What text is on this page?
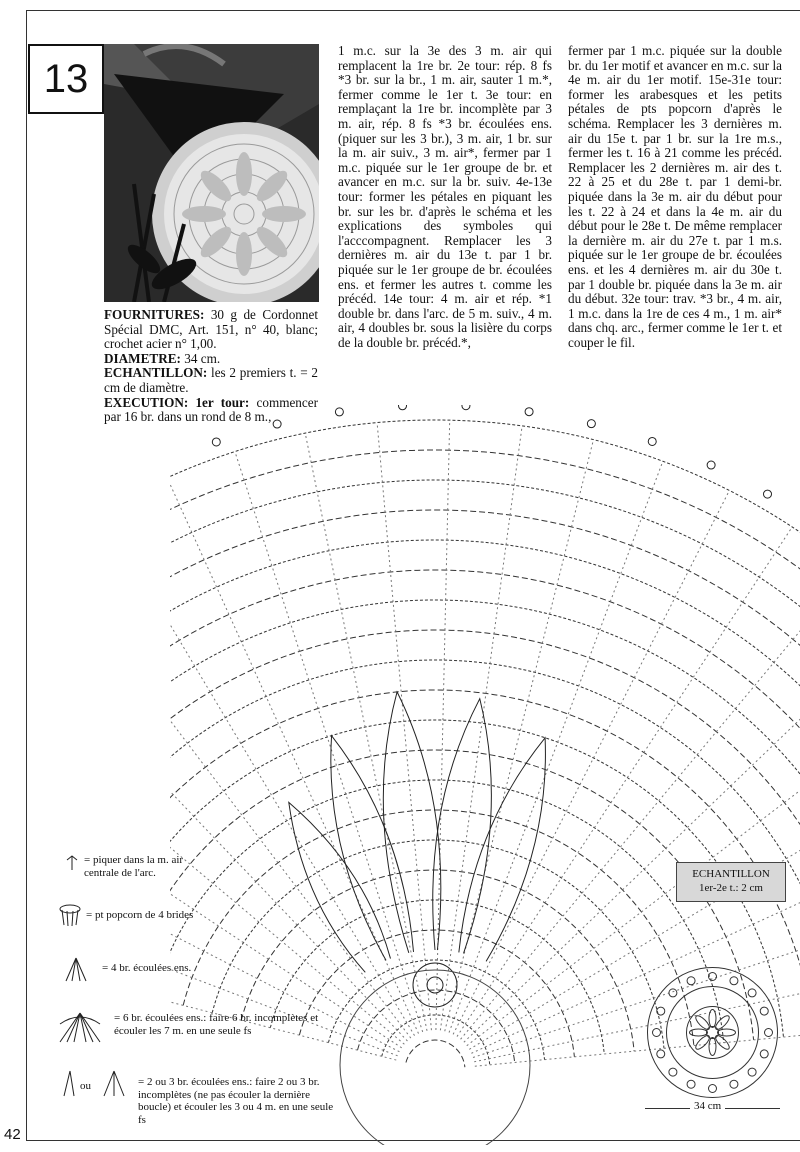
42
13

FOURNITURES: 30 g de Cordonnet Spécial DMC, Art. 151, n° 40, blanc; crochet acier n° 1,00.

DIAMETRE: 34 cm.

ECHANTILLON: les 2 premiers t. = 2 cm de diamètre.

EXECUTION: 1er tour: commencer par 16 br. dans un rond de 8 m.,

1 m.c. sur la 3e des 3 m. air qui remplacent la 1re br. 2e tour: rép. 8 fs *3 br. sur la br., 1 m. air, sauter 1 m.*, fermer comme le 1er t. 3e tour: en remplaçant la 1re br. incomplète par 3 m. air, rép. 8 fs *3 br. écoulées ens. (piquer sur les 3 br.), 3 m. air, 1 br. sur la m. air suiv., 3 m. air*, fermer par 1 m.c. piquée sur le 1er groupe de br. et avancer en m.c. sur la br. suiv. 4e-13e tour: former les pétales en piquant les br. sur les br. d'après le schéma et les explications des symboles qui l'acccompagnent. Remplacer les 3 dernières m. air du 13e t. par 1 br. piquée sur le 1er groupe de br. écoulées ens. et fermer les autres t. comme les précéd. 14e tour: 4 m. air et rép. *1 double br. dans l'arc. de 5 m. suiv., 4 m. air, 4 doubles br. sous la lisière du corps de la double br. précéd.*,
fermer par 1 m.c. piquée sur la double br. du 1er motif et avancer en m.c. sur la 4e m. air du 1er motif. 15e-31e tour: former les arabesques et les petits pétales de pts popcorn d'après le schéma. Remplacer les 3 dernières m. air du 15e t. par 1 br. sur la 1re m.s., fermer les t. 16 à 21 comme les précéd. Remplacer les 2 dernières m. air des t. 22 à 25 et du 28e t. par 1 demi-br. piquée dans la 3e m. air du début pour les t. 22 à 24 et dans la 4e m. air du début pour le 28e t. De même remplacer la dernière m. air du 27e t. par 1 m.s. piquée sur le 1er groupe de br. écoulées ens. et les 4 dernières m. air du 30e t. par 1 double br. piquée dans la 3e m. air du début. 32e tour: trav. *3 br., 4 m. air, 1 m.c. dans la 1re de ces 4 m., 1 m. air* dans chq. arc., fermer comme le 1er t. et couper le fil.
= piquer dans la m. air centrale de l'arc.
= pt popcorn de 4 brides
= 4 br. écoulées ens.
= 6 br. écoulées ens.: faire 6 br. incomplètes et écouler les 7 m. en une seule fs
ou	= 2 ou 3 br. écoulées ens.: faire 2 ou 3 br. incomplètes (ne pas écouler la dernière boucle) et écouler les 3 ou 4 m. en une seule fs
ECHANTILLON
1er-2e t.: 2 cm
34 cm
